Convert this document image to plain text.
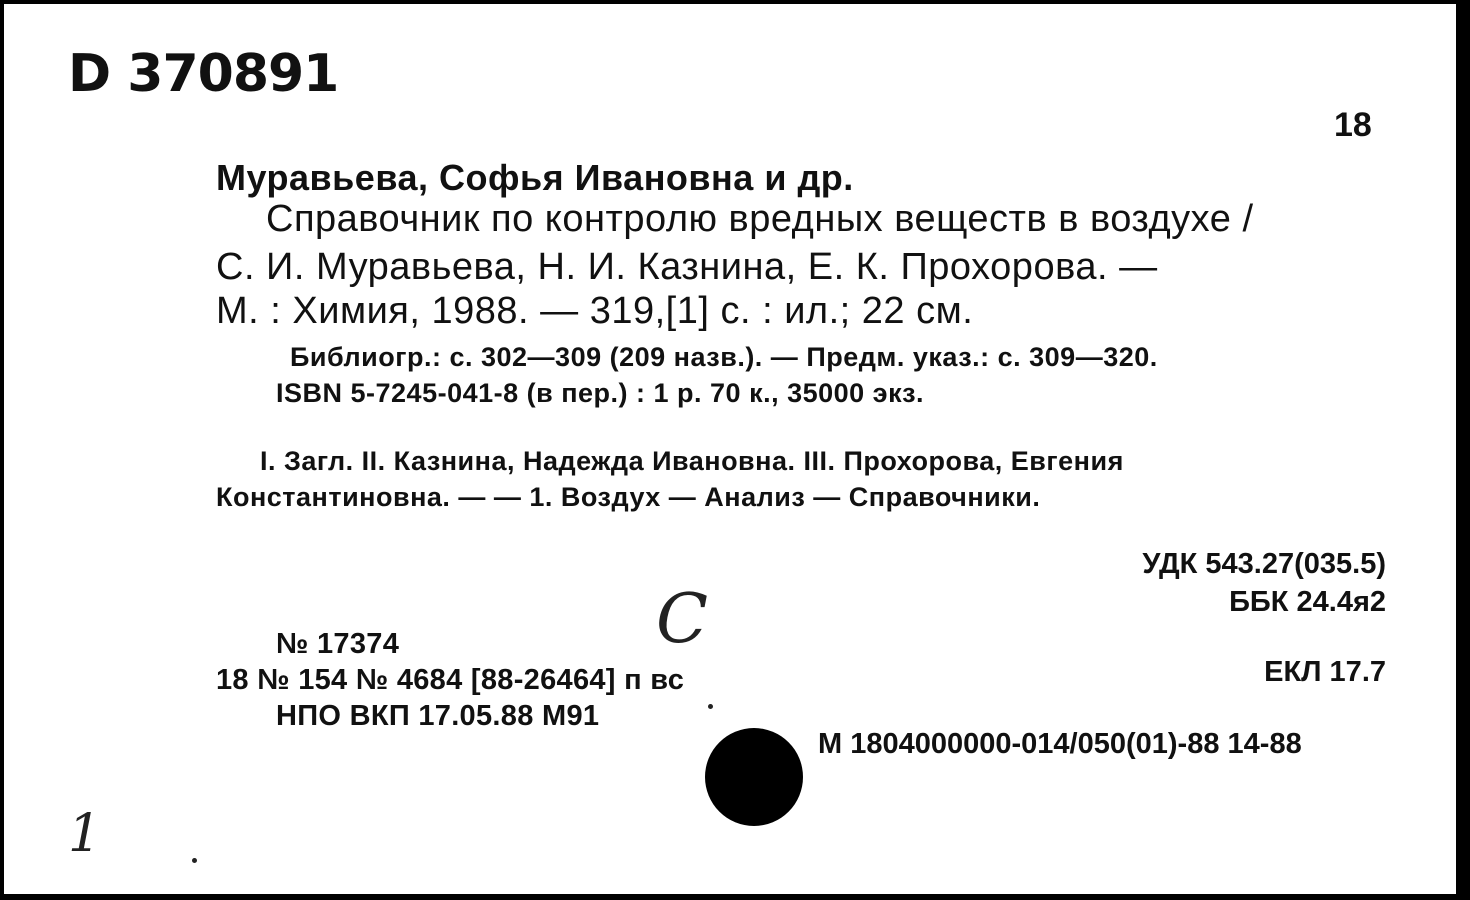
D 370891
18
Муравьева, Софья Ивановна и др.
Справочник по контролю вредных веществ в воздухе /
С. И. Муравьева, Н. И. Казнина, Е. К. Прохорова. —
М. : Химия, 1988. — 319,[1] с. : ил.; 22 см.
Библиогр.: с. 302—309 (209 назв.). — Предм. указ.: с. 309—320.
ISBN 5-7245-041-8 (в пер.) : 1 р. 70 к., 35000 экз.
I. Загл. II. Казнина, Надежда Ивановна. III. Прохорова, Евгения
Константиновна. — — 1. Воздух — Анализ — Справочники.
УДК 543.27(035.5)
ББК 24.4я2
ЕКЛ 17.7
С
№ 17374
18 № 154 № 4684 [88-26464] п вс
НПО ВКП 17.05.88 М91
М 1804000000-014/050(01)-88 14-88
1
